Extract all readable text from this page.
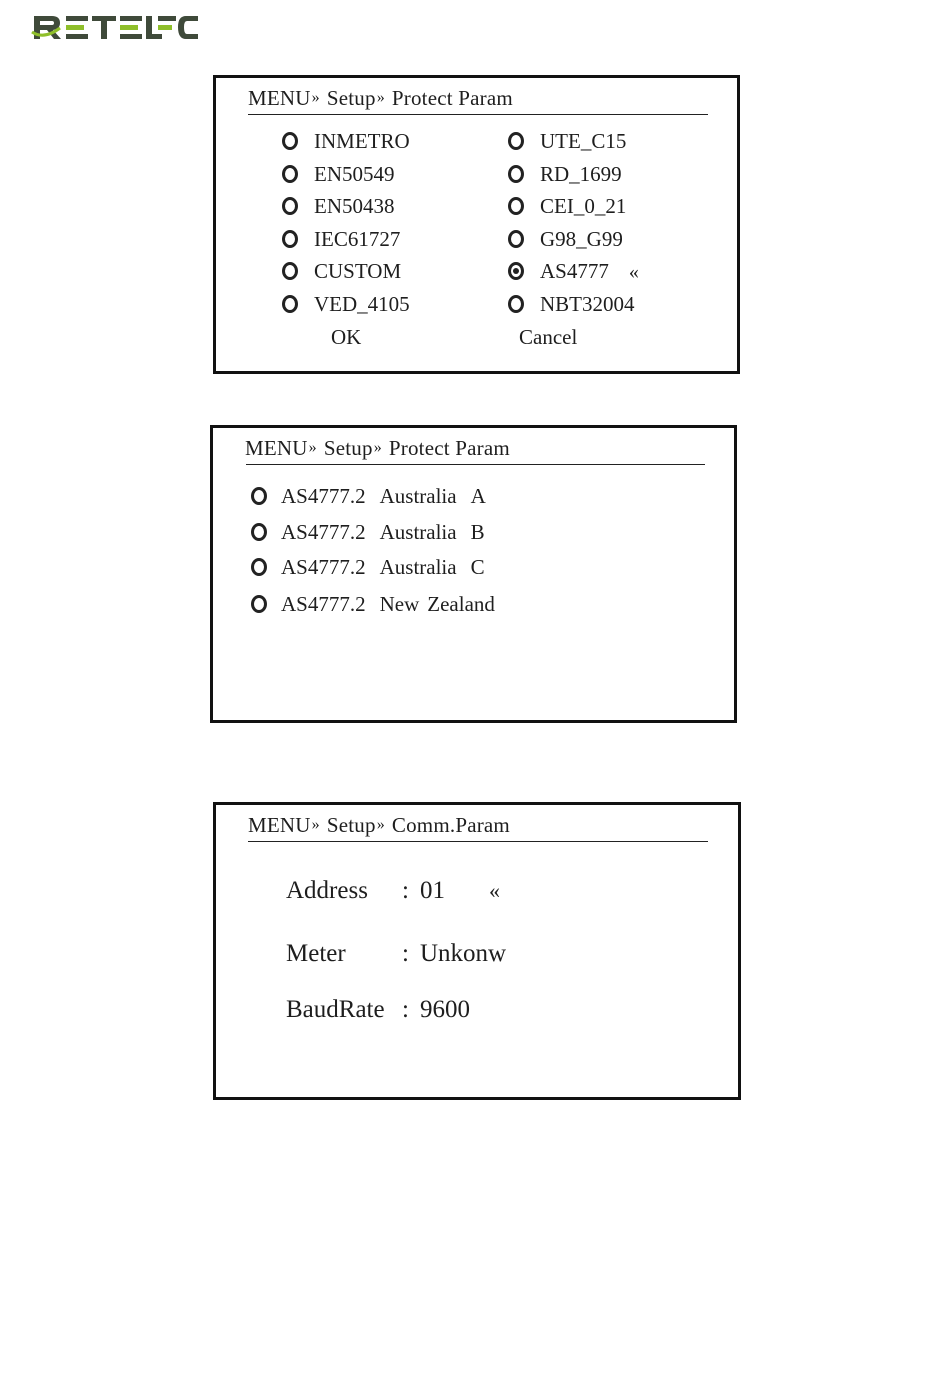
MENU» Setup» Protect Param
INMETRO
EN50549
EN50438
IEC61727
CUSTOM
VED_4105
UTE_C15
RD_1699
CEI_0_21
G98_G99
AS4777 «
NBT32004
OK	Cancel
MENU» Setup» Protect Param
AS4777.2 Australia A
AS4777.2 Australia B
AS4777.2 Australia C
AS4777.2 New Zealand
MENU» Setup» Comm.Param
Address : 01 «
Meter : Unkonw
BaudRate : 9600
